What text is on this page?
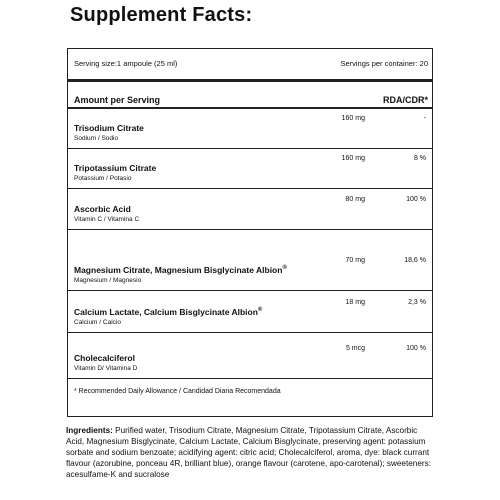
Supplement Facts:
Serving size:1 ampoule (25 ml)	Servings per container: 20
Amount per Serving	RDA/CDR*
Trisodium Citrate
Sodium / Sodio
160 mg	-
Tripotassium Citrate
Potassium / Potasio
160 mg	8 %
Ascorbic Acid
Vitamin C / Vitamina C
80 mg	100 %
Magnesium Citrate, Magnesium Bisglycinate Albion®
Magnesium / Magnesio
70 mg	18,6 %
Calcium Lactate, Calcium Bisglycinate Albion®
Calcium / Calcio
18 mg	2,3 %
Cholecalciferol
Vitamin D/ Vitamina D
5 mcg	100 %
* Recommended Daily Allowance / Candidad Diaria Recomendada
Ingredients: Purified water, Trisodium Citrate, Magnesium Citrate, Tripotassium Citrate, Ascorbic Acid, Magnesium Bisglycinate, Calcium Lactate, Calcium Bisglycinate, preserving agent: potassium sorbate and sodium benzoate; acidifying agent: citric acid; Cholecalciferol, aroma, dye: black currant flavour (azorubine, ponceau 4R, brilliant blue), orange flavour (carotene, apo-carotenal); sweeteners: acesulfame-K and sucralose
